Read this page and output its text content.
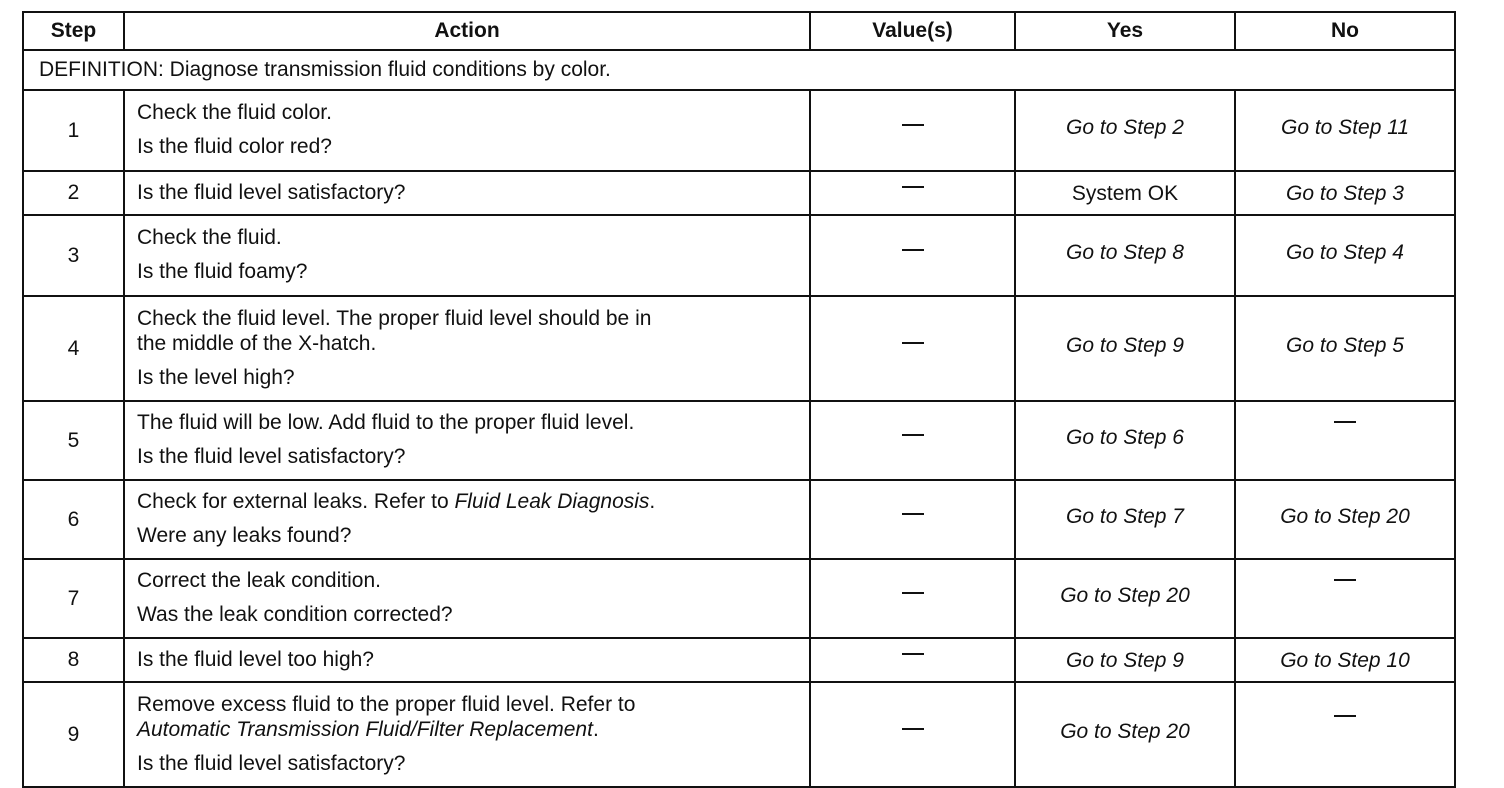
Step	Action	Value(s)	Yes	No
DEFINITION: Diagnose transmission fluid conditions by color.				
1	Check the fluid color.
Is the fluid color red?		Go to Step 2	Go to Step 11
2	Is the fluid level satisfactory?		System OK	Go to Step 3
3	Check the fluid.
Is the fluid foamy?		Go to Step 8	Go to Step 4
4	Check the fluid level. The proper fluid level should be in
the middle of the X-hatch.
Is the level high?		Go to Step 9	Go to Step 5
5	The fluid will be low. Add fluid to the proper fluid level.
Is the fluid level satisfactory?		Go to Step 6	
6	Check for external leaks. Refer to Fluid Leak Diagnosis.
Were any leaks found?		Go to Step 7	Go to Step 20
7	Correct the leak condition.
Was the leak condition corrected?		Go to Step 20	
8	Is the fluid level too high?		Go to Step 9	Go to Step 10
9	Remove excess fluid to the proper fluid level. Refer to
Automatic Transmission Fluid/Filter Replacement.
Is the fluid level satisfactory?		Go to Step 20	
